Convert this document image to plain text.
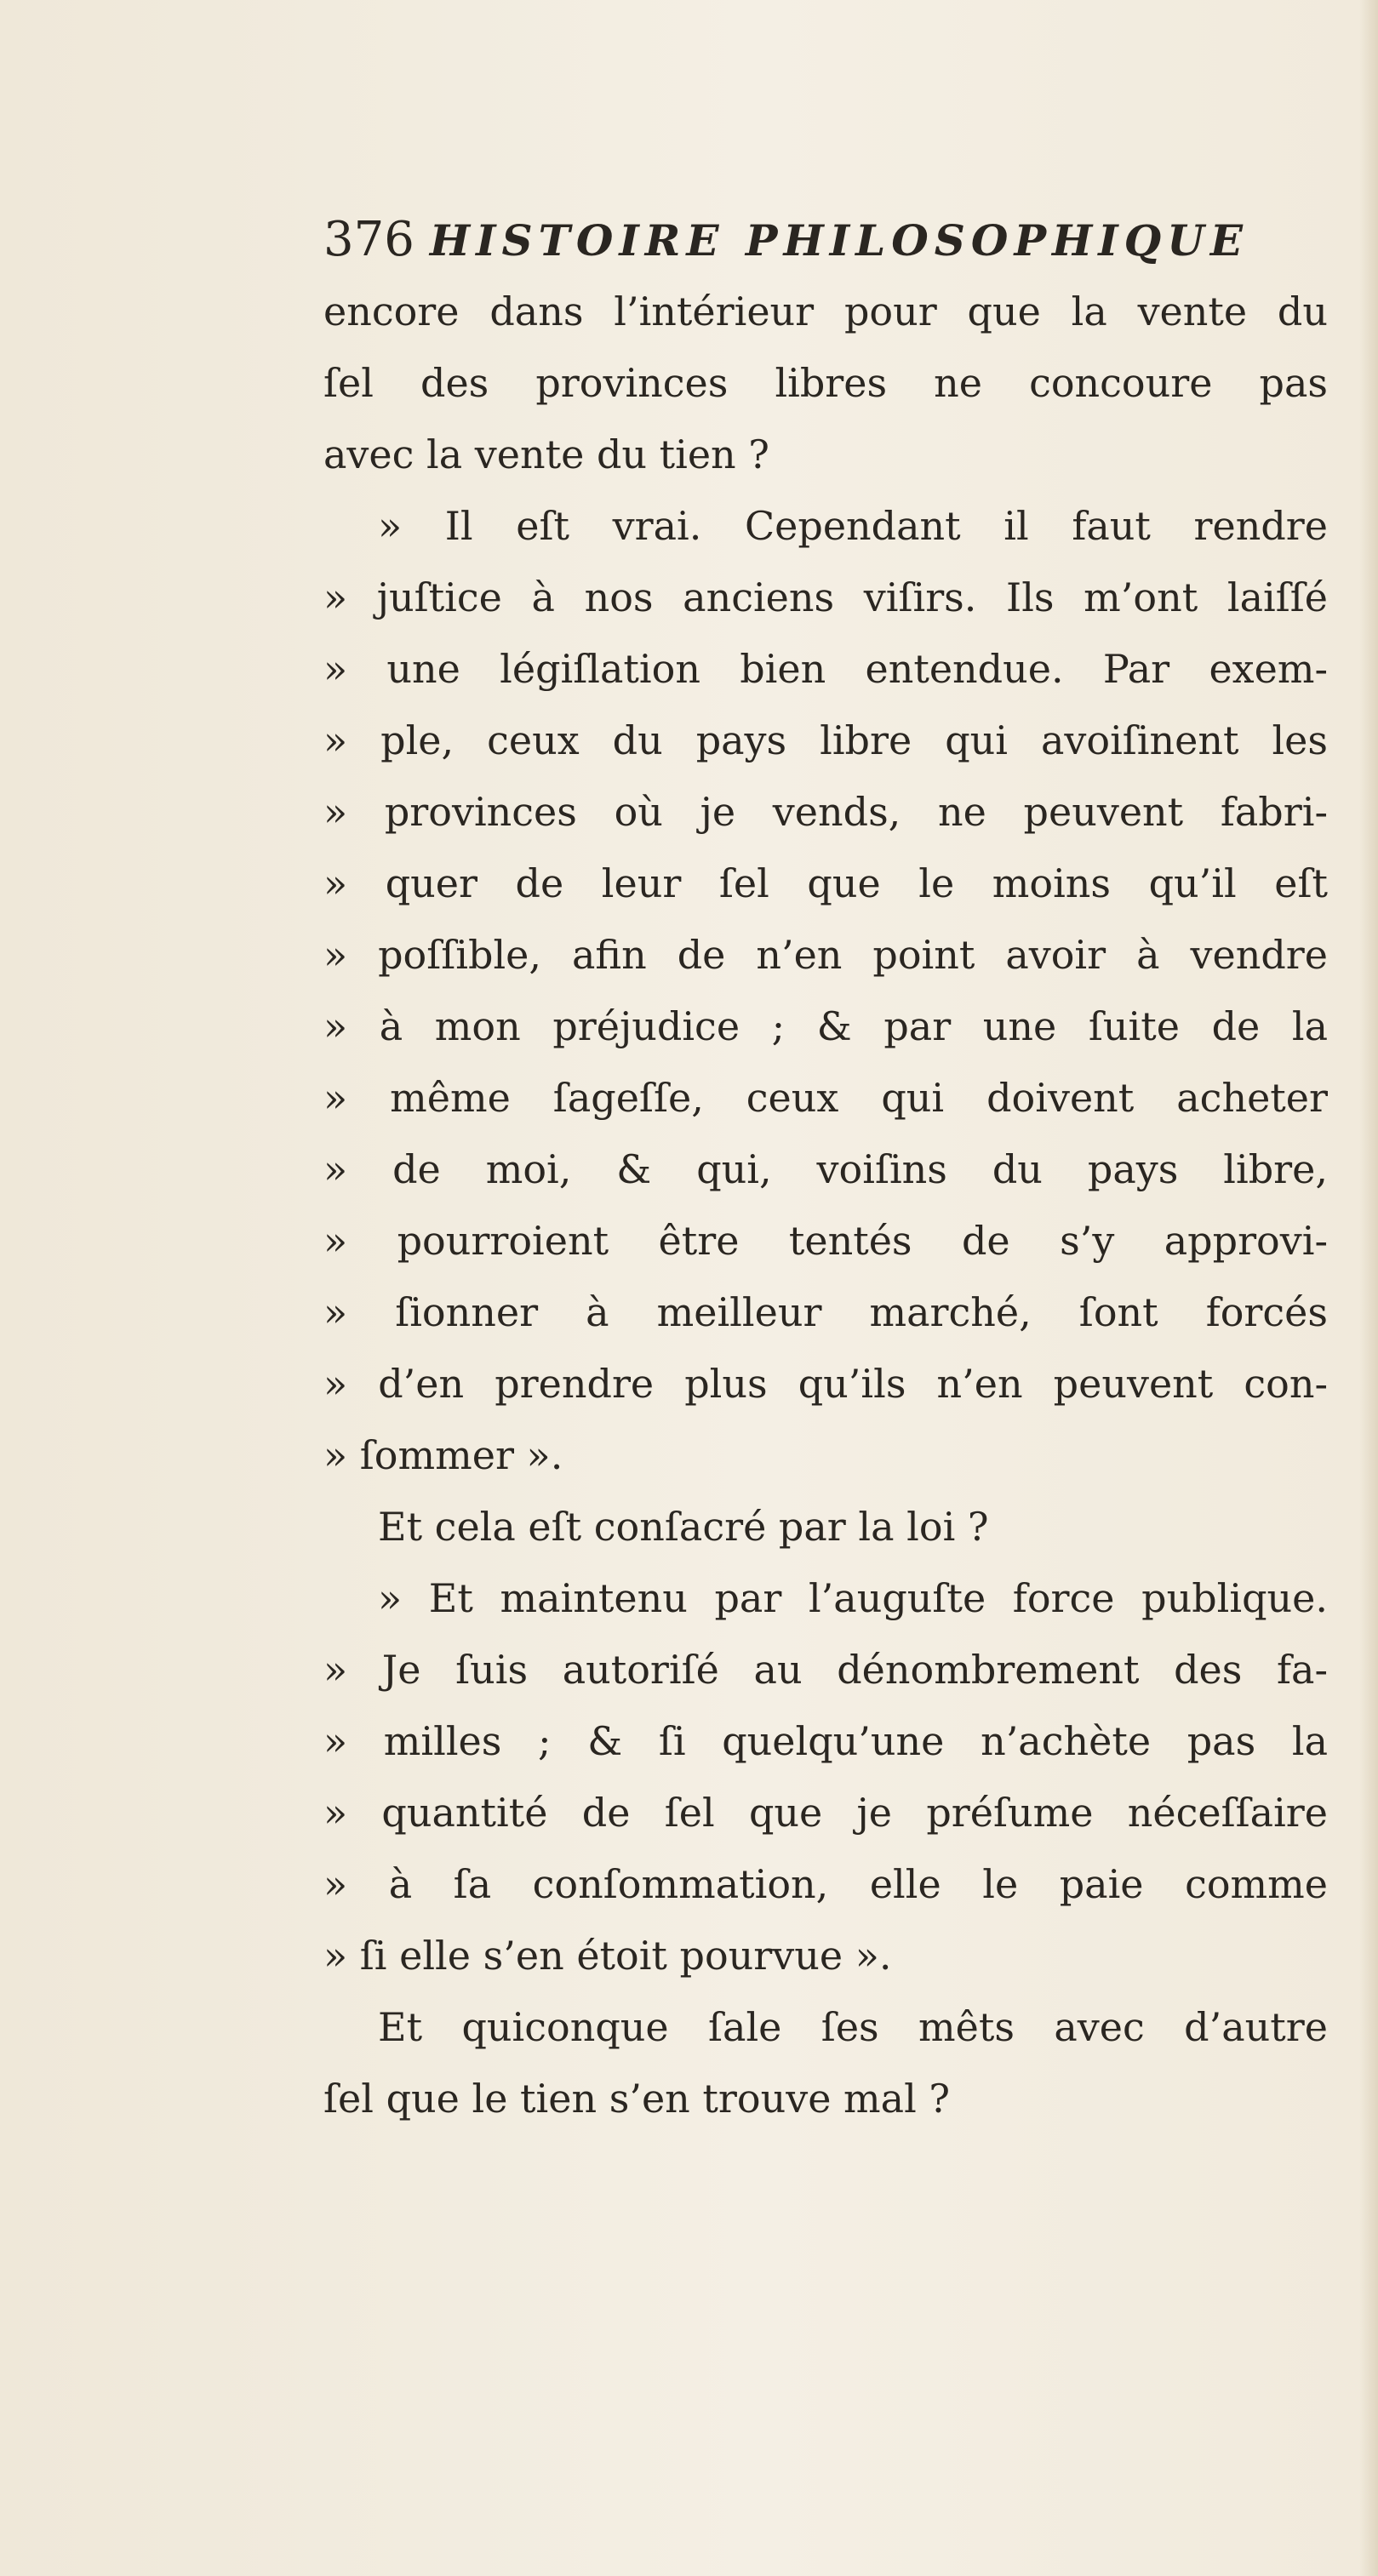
376 HISTOIRE PHILOSOPHIQUE
encore dans l’intérieur pour que la vente du
ſel des provinces libres ne concoure pas
avec la vente du tien ?
» Il eſt vrai. Cependant il faut rendre
» juſtice à nos anciens viſirs. Ils m’ont laiſſé
» une légiſlation bien entendue. Par exem-
» ple, ceux du pays libre qui avoiſinent les
» provinces où je vends, ne peuvent fabri-
» quer de leur ſel que le moins qu’il eſt
» poſſible, afin de n’en point avoir à vendre
» à mon préjudice ; & par une ſuite de la
» même ſageſſe, ceux qui doivent acheter
» de moi, & qui, voiſins du pays libre,
» pourroient être tentés de s’y approvi-
» ſionner à meilleur marché, ſont forcés
» d’en prendre plus qu’ils n’en peuvent con-
» ſommer ».
Et cela eſt conſacré par la loi ?
» Et maintenu par l’auguſte force publique.
» Je ſuis autoriſé au dénombrement des fa-
» milles ; & ſi quelqu’une n’achète pas la
» quantité de ſel que je préſume néceſſaire
» à ſa conſommation, elle le paie comme
» ſi elle s’en étoit pourvue ».
Et quiconque ſale ſes mêts avec d’autre
ſel que le tien s’en trouve mal ?
